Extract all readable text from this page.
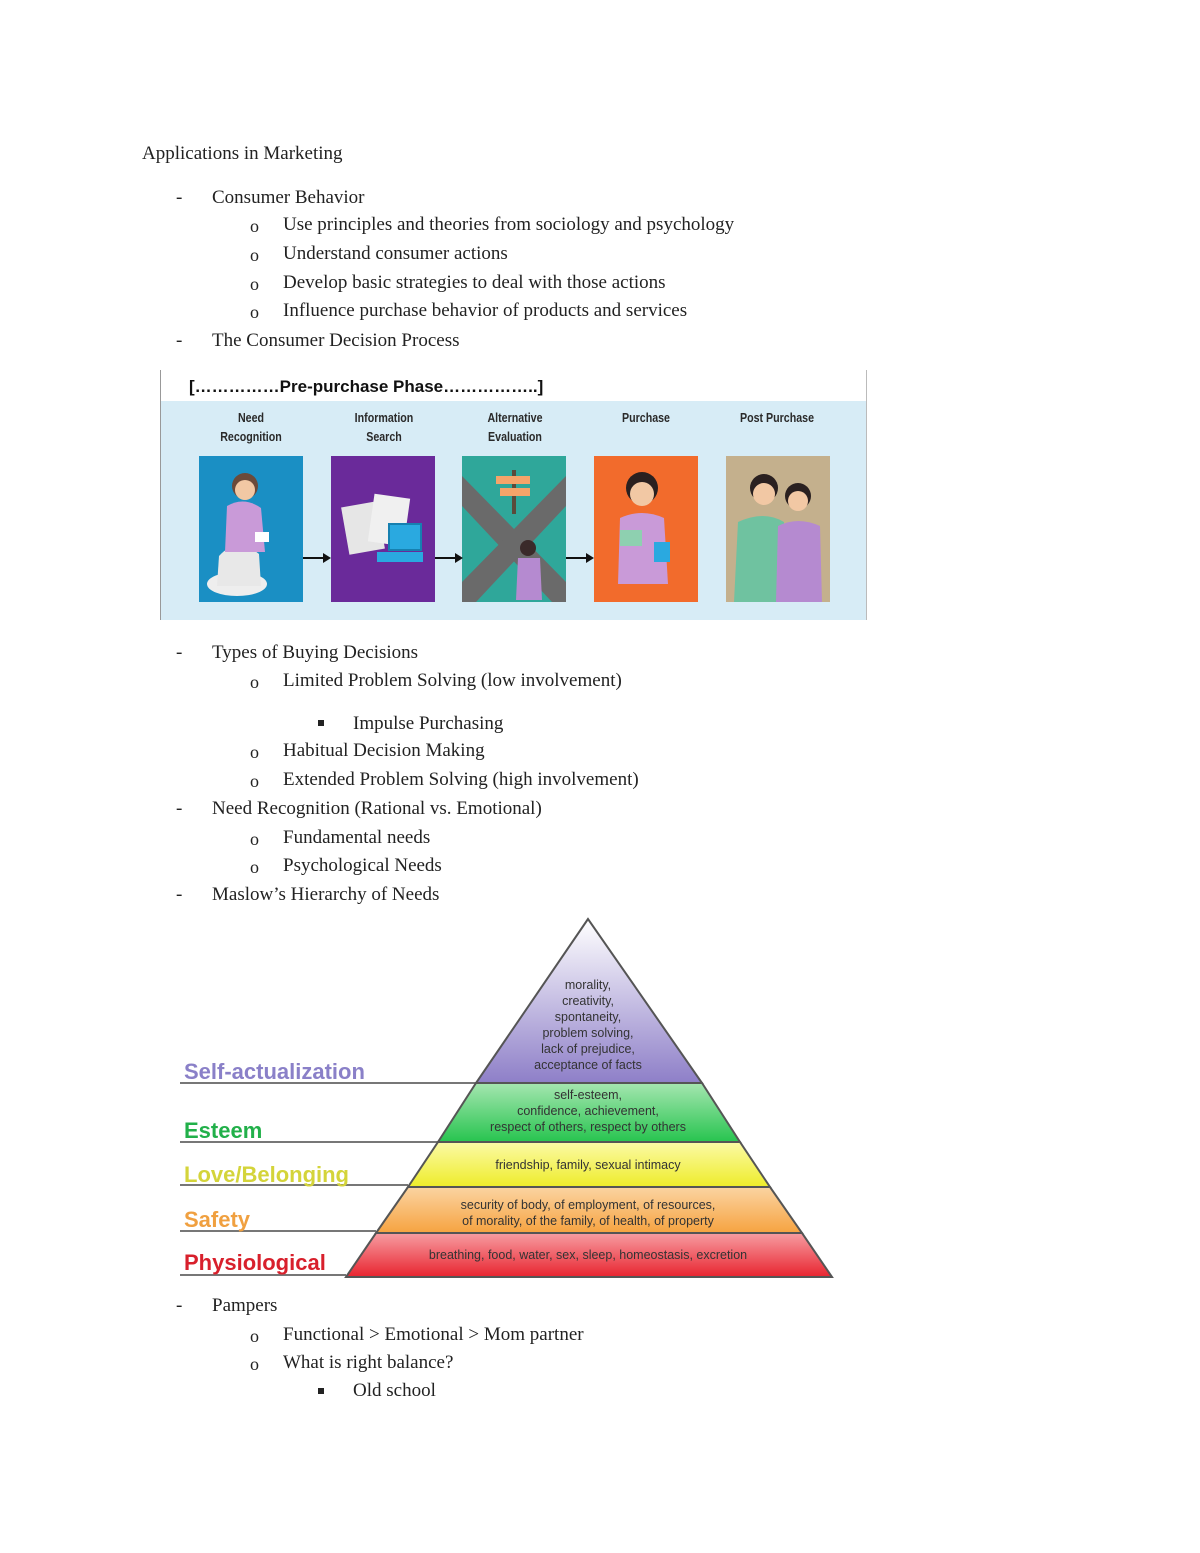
Applications in Marketing
- Consumer Behavior
o Use principles and theories from sociology and psychology
o Understand consumer actions
o Develop basic strategies to deal with those actions
o Influence purchase behavior of products and services
- The Consumer Decision Process
[……………Pre-purchase Phase……………..]
Need
Recognition
Information
Search
Alternative
Evaluation
Purchase	Post Purchase
- Types of Buying Decisions
o Limited Problem Solving (low involvement)
Impulse Purchasing
o Habitual Decision Making
o Extended Problem Solving (high involvement)
- Need Recognition (Rational vs. Emotional)
o Fundamental needs
o Psychological Needs
- Maslow’s Hierarchy of Needs
Self-actualization
Esteem
Love/Belonging
Safety
Physiological
morality,
creativity,
spontaneity,
problem solving,
lack of prejudice,
acceptance of facts
self-esteem,
confidence, achievement,
respect of others, respect by others
friendship, family, sexual intimacy
security of body, of employment, of resources,
of morality, of the family, of health, of property
breathing, food, water, sex, sleep, homeostasis, excretion
- Pampers
o Functional > Emotional > Mom partner
o What is right balance?
Old school
